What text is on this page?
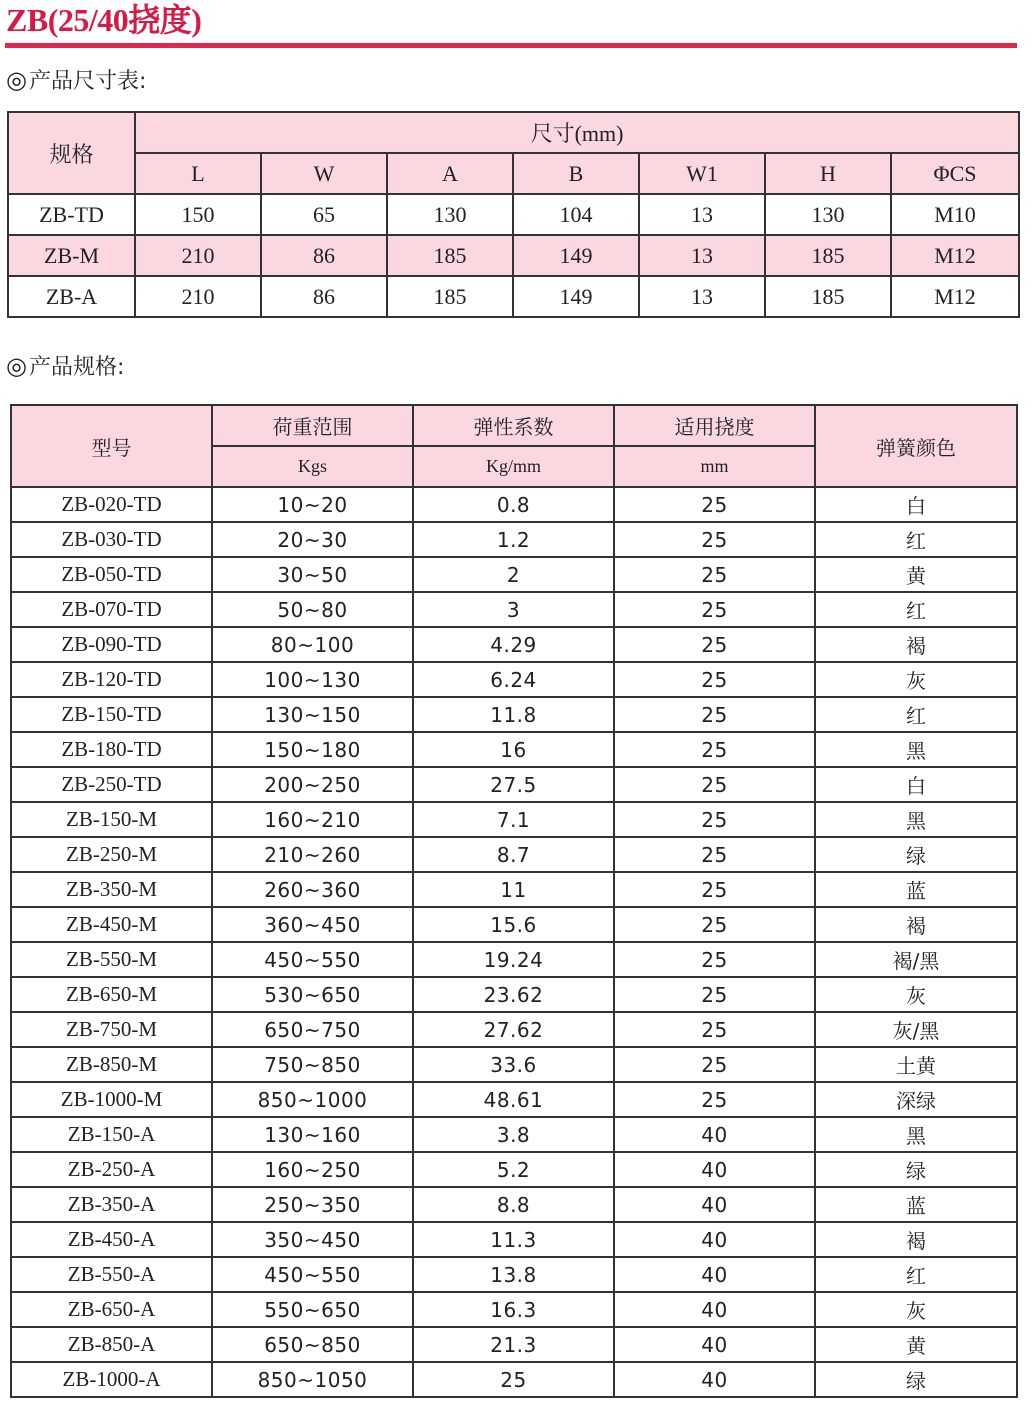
ZB(25/40挠度)
◎产品尺寸表:
规格	尺寸(mm)						
	L	W	A	B	W1	H	ΦCS
ZB-TD	150	65	130	104	13	130	M10
ZB-M	210	86	185	149	13	185	M12
ZB-A	210	86	185	149	13	185	M12
◎产品规格:
型号	荷重范围	弹性系数	适用挠度	弹簧颜色
	Kgs	Kg/mm	mm	
ZB-020-TD	10~20	0.8	25	白
ZB-030-TD	20~30	1.2	25	红
ZB-050-TD	30~50	2	25	黄
ZB-070-TD	50~80	3	25	红
ZB-090-TD	80~100	4.29	25	褐
ZB-120-TD	100~130	6.24	25	灰
ZB-150-TD	130~150	11.8	25	红
ZB-180-TD	150~180	16	25	黑
ZB-250-TD	200~250	27.5	25	白
ZB-150-M	160~210	7.1	25	黑
ZB-250-M	210~260	8.7	25	绿
ZB-350-M	260~360	11	25	蓝
ZB-450-M	360~450	15.6	25	褐
ZB-550-M	450~550	19.24	25	褐/黑
ZB-650-M	530~650	23.62	25	灰
ZB-750-M	650~750	27.62	25	灰/黑
ZB-850-M	750~850	33.6	25	土黄
ZB-1000-M	850~1000	48.61	25	深绿
ZB-150-A	130~160	3.8	40	黑
ZB-250-A	160~250	5.2	40	绿
ZB-350-A	250~350	8.8	40	蓝
ZB-450-A	350~450	11.3	40	褐
ZB-550-A	450~550	13.8	40	红
ZB-650-A	550~650	16.3	40	灰
ZB-850-A	650~850	21.3	40	黄
ZB-1000-A	850~1050	25	40	绿
